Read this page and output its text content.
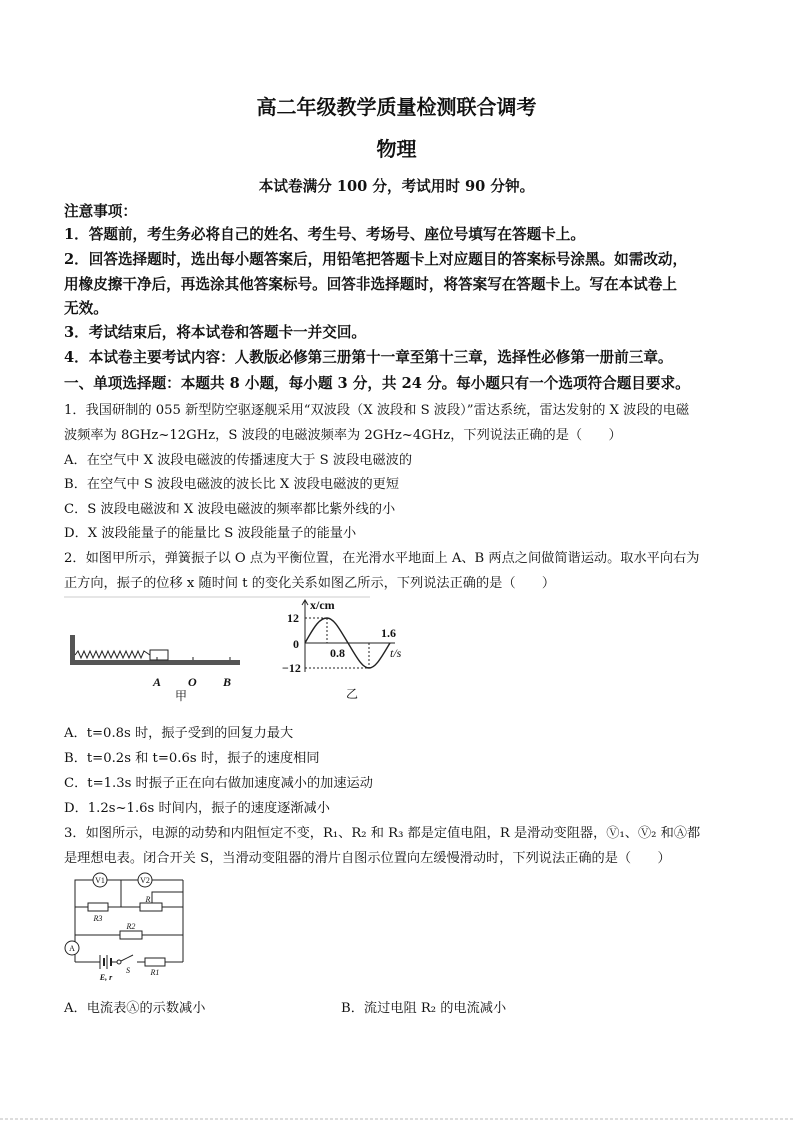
高二年级教学质量检测联合调考
物理
本试卷满分 100 分，考试用时 90 分钟。
注意事项：
1．答题前，考生务必将自己的姓名、考生号、考场号、座位号填写在答题卡上。
2．回答选择题时，选出每小题答案后，用铅笔把答题卡上对应题目的答案标号涂黑。如需改动，
用橡皮擦干净后，再选涂其他答案标号。回答非选择题时，将答案写在答题卡上。写在本试卷上
无效。
3．考试结束后，将本试卷和答题卡一并交回。
4．本试卷主要考试内容：人教版必修第三册第十一章至第十三章，选择性必修第一册前三章。
一、单项选择题：本题共 8 小题，每小题 3 分，共 24 分。每小题只有一个选项符合题目要求。
1．我国研制的 055 新型防空驱逐舰采用“双波段（X 波段和 S 波段）”雷达系统，雷达发射的 X 波段的电磁
波频率为 8GHz~12GHz，S 波段的电磁波频率为 2GHz~4GHz，下列说法正确的是（　　）
A．在空气中 X 波段电磁波的传播速度大于 S 波段电磁波的
B．在空气中 S 波段电磁波的波长比 X 波段电磁波的更短
C．S 波段电磁波和 X 波段电磁波的频率都比紫外线的小
D．X 波段能量子的能量比 S 波段能量子的能量小
2．如图甲所示，弹簧振子以 O 点为平衡位置，在光滑水平地面上 A、B 两点之间做简谐运动。取水平向右为
正方向，振子的位移 x 随时间 t 的变化关系如图乙所示，下列说法正确的是（　　）
A O B
甲
x/cm
t/s
12
0
−12
0.8
1.6
乙
V1	V2
R
R3
R2
A
E, r
S	R1
A．t=0.8s 时，振子受到的回复力最大
B．t=0.2s 和 t=0.6s 时，振子的速度相同
C．t=1.3s 时振子正在向右做加速度减小的加速运动
D．1.2s~1.6s 时间内，振子的速度逐渐减小
3．如图所示，电源的动势和内阻恒定不变，R₁、R₂ 和 R₃ 都是定值电阻，R 是滑动变阻器，Ⓥ₁、Ⓥ₂ 和Ⓐ都
是理想电表。闭合开关 S，当滑动变阻器的滑片自图示位置向左缓慢滑动时，下列说法正确的是（　　）
A．电流表Ⓐ的示数减小	B．流过电阻 R₂ 的电流减小
